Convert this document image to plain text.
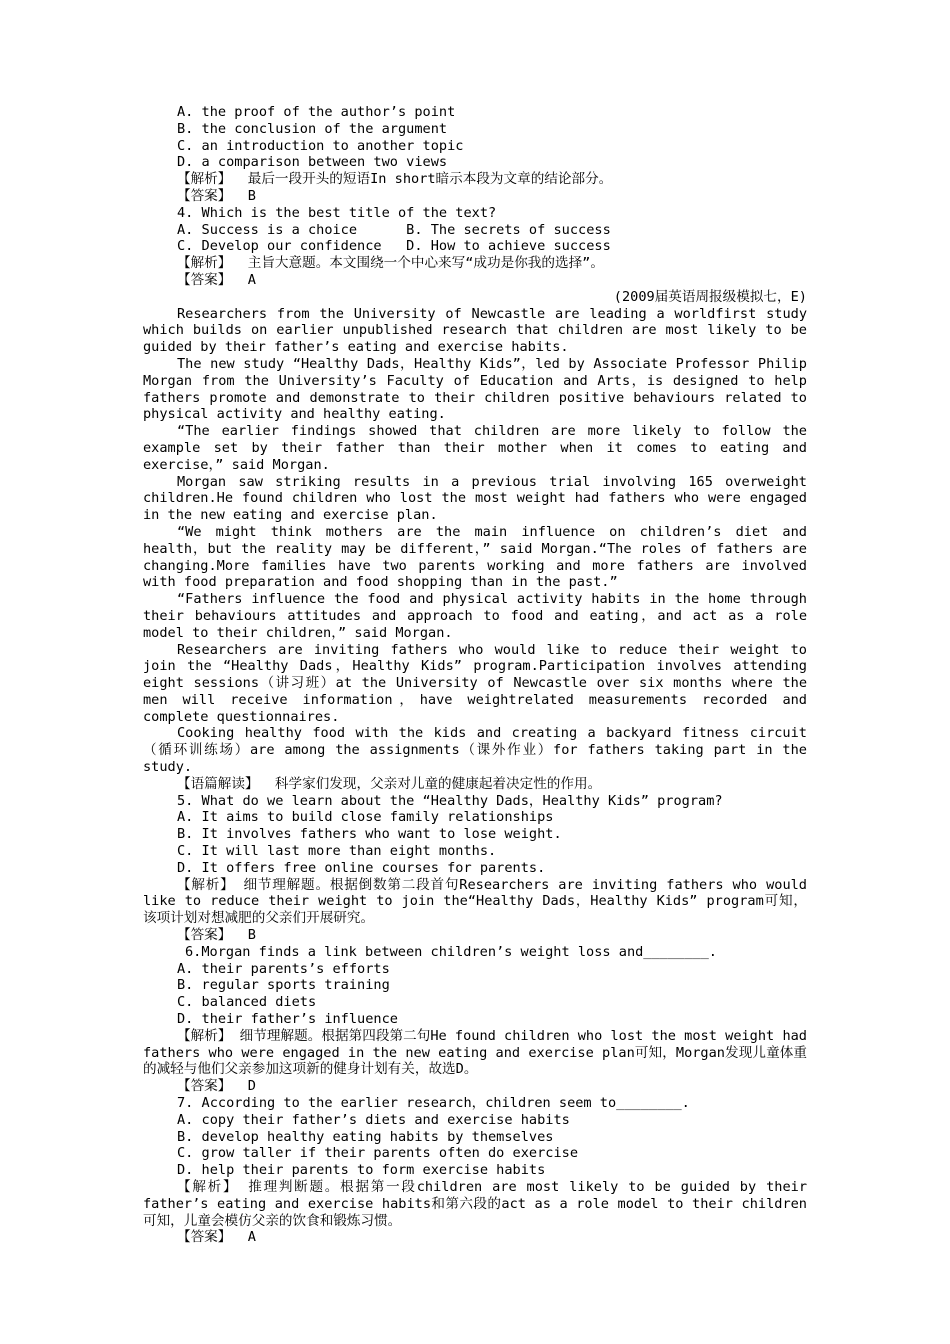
A. the proof of the author’s point
B. the conclusion of the argument
C. an introduction to another topic
D. a comparison between two views
【解析】  最后一段开头的短语In short暗示本段为文章的结论部分。
【答案】  B
4. Which is the best title of the text?
A. Success is a choice      B. The secrets of success
C. Develop our confidence   D. How to achieve success
【解析】  主旨大意题。本文围绕一个中心来写“成功是你我的选择”。
【答案】  A
(2009届英语周报级模拟七，E)

Researchers from the University of Newcastle are leading a worldfirst study which builds on earlier unpublished research that children are most likely to be guided by their father’s eating and exercise habits.

The new study “Healthy Dads，Healthy Kids”，led by Associate Professor Philip Morgan from the University’s Faculty of Education and Arts，is designed to help fathers promote and demonstrate to their children positive behaviours related to physical activity and healthy eating.

“The earlier findings showed that children are more likely to follow the example set by their father than their mother when it comes to eating and exercise，” said Morgan.

Morgan saw striking results in a previous trial involving 165 overweight children.He found children who lost the most weight had fathers who were engaged in the new eating and exercise plan.

“We might think mothers are the main influence on children’s diet and health，but the reality may be different，” said Morgan.“The roles of fathers are changing.More families have two parents working and more fathers are involved with food preparation and food shopping than in the past.”

“Fathers influence the food and physical activity habits in the home through their behaviours attitudes and approach to food and eating，and act as a role model to their children，” said Morgan.

Researchers are inviting fathers who would like to reduce their weight to join the “Healthy Dads，Healthy Kids” program.Participation involves attending eight sessions（讲习班）at the University of Newcastle over six months where the men will receive information，have weightrelated measurements recorded and complete questionnaires.

Cooking healthy food with the kids and creating a backyard fitness circuit（循环训练场）are among the assignments（课外作业）for fathers taking part in the study.

【语篇解读】  科学家们发现，父亲对儿童的健康起着决定性的作用。
5. What do we learn about the “Healthy Dads，Healthy Kids” program?
A. It aims to build close family relationships
B. It involves fathers who want to lose weight.
C. It will last more than eight months.
D. It offers free online courses for parents.

【解析】 细节理解题。根据倒数第二段首句Researchers are inviting fathers who would like to reduce their weight to join the“Healthy Dads，Healthy Kids” program可知，该项计划对想减肥的父亲们开展研究。

【答案】  B
6.Morgan finds a link between children’s weight loss and________.
A. their parents’s efforts
B. regular sports training
C. balanced diets
D. their father’s influence

【解析】 细节理解题。根据第四段第二句He found children who lost the most weight had fathers who were engaged in the new eating and exercise plan可知，Morgan发现儿童体重的减轻与他们父亲参加这项新的健身计划有关，故选D。

【答案】  D
7. According to the earlier research，children seem to________.
A. copy their father’s diets and exercise habits
B. develop healthy eating habits by themselves
C. grow taller if their parents often do exercise
D. help their parents to form exercise habits

【解析】 推理判断题。根据第一段children are most likely to be guided by their father’s eating and exercise habits和第六段的act as a role model to their children可知，儿童会模仿父亲的饮食和锻炼习惯。

【答案】  A
